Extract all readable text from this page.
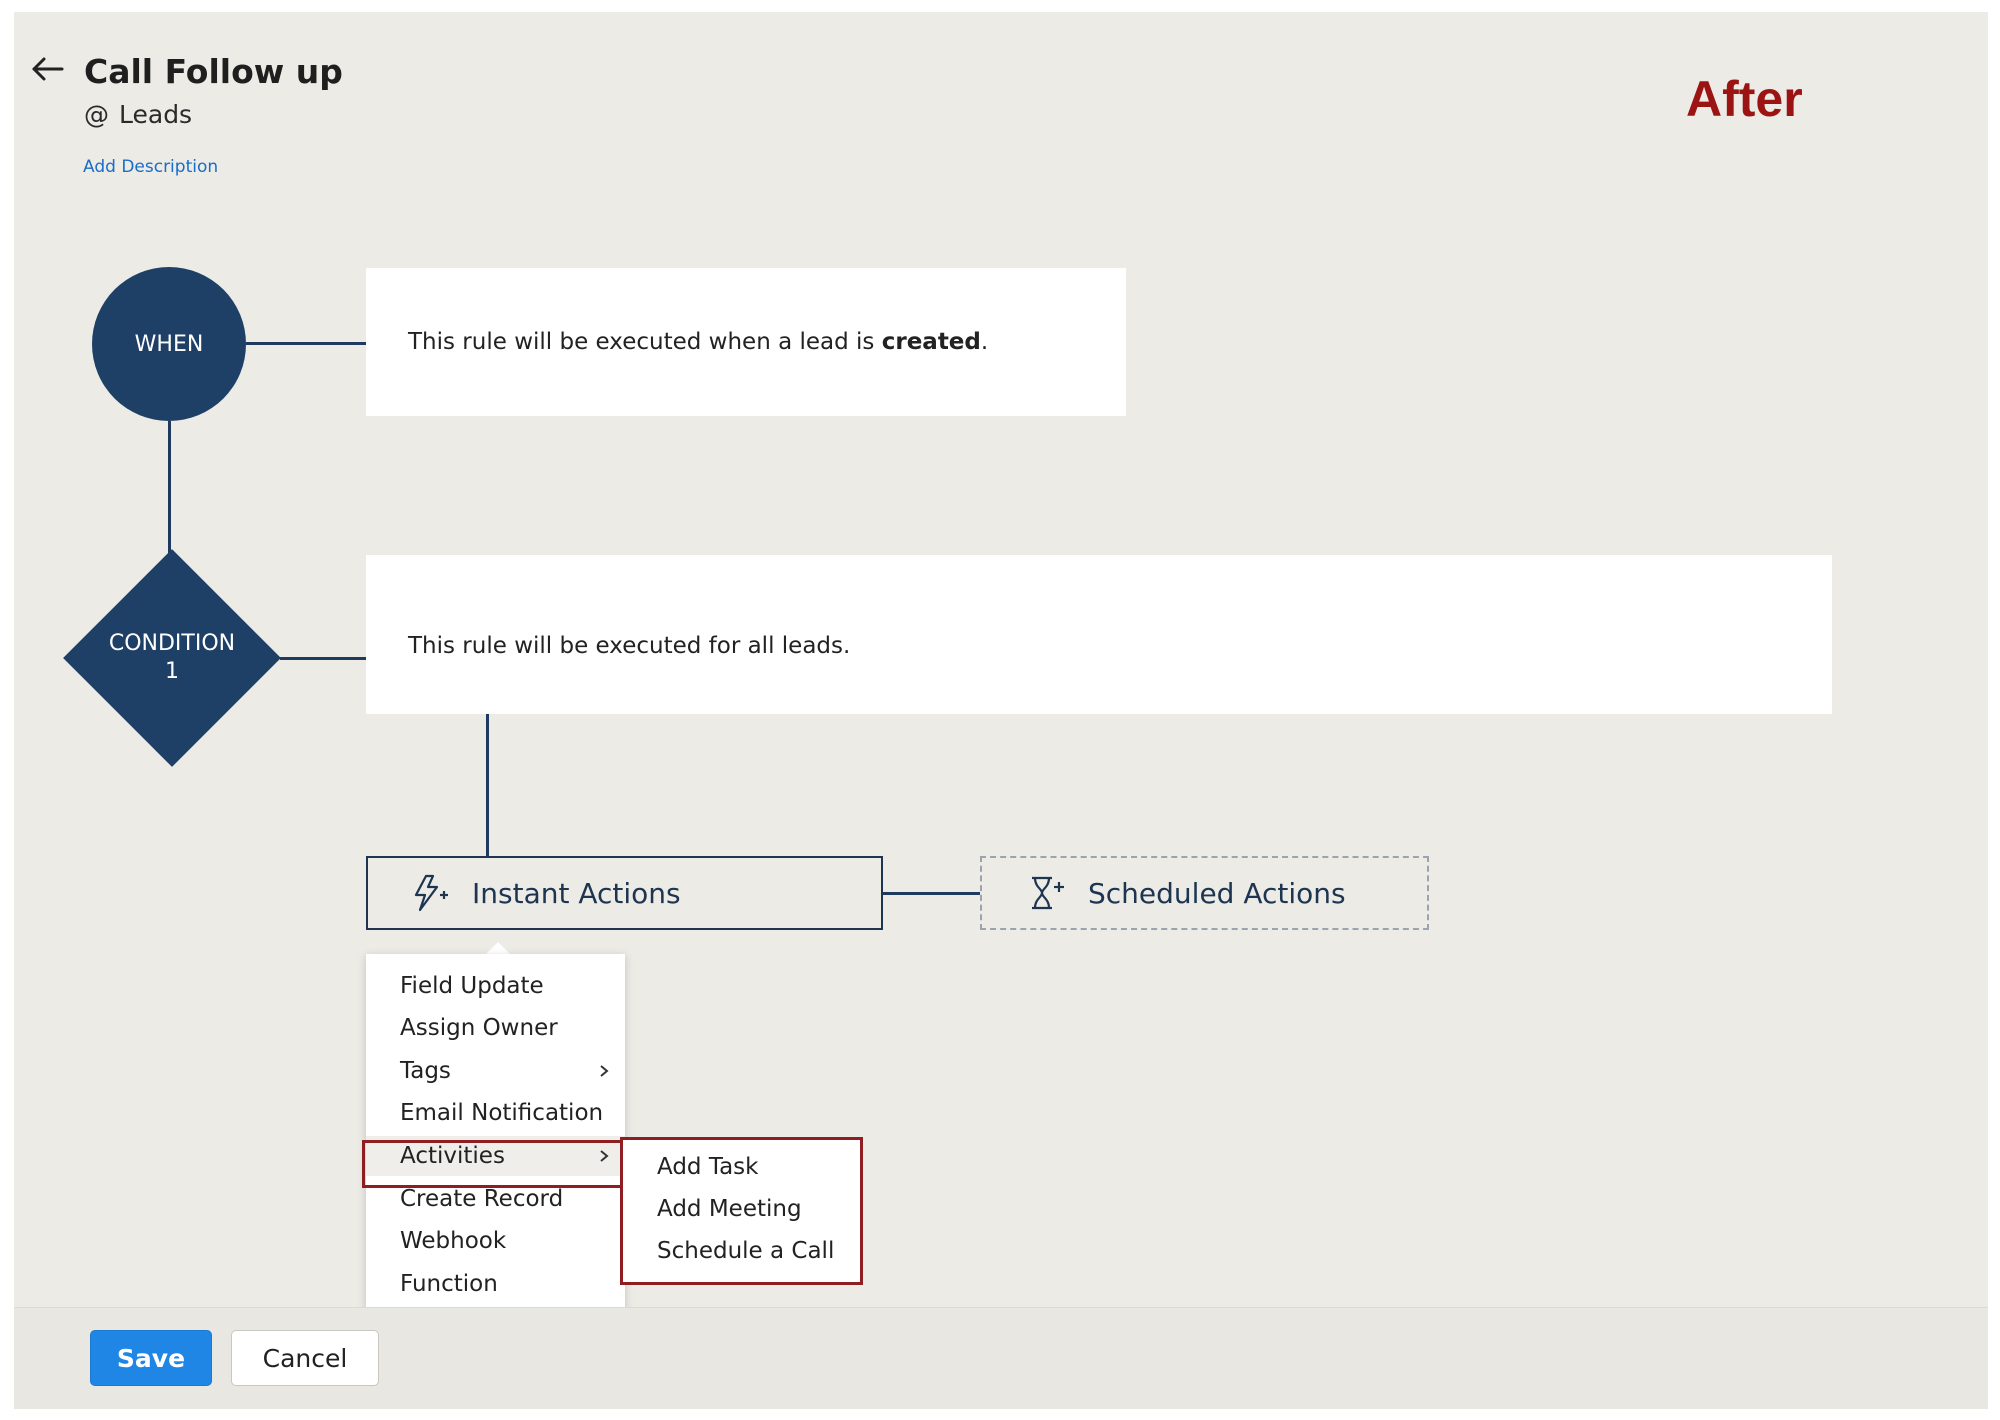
Call Follow up
@ Leads
Add Description
After
WHEN	This rule will be executed when a lead is created.
CONDITION
1
This rule will be executed for all leads.
Instant Actions	Scheduled Actions
Field Update
Assign Owner
Tags
Email Notification
Activities
Create Record
Webhook
Function
Add Task
Add Meeting
Schedule a Call
Save	Cancel
